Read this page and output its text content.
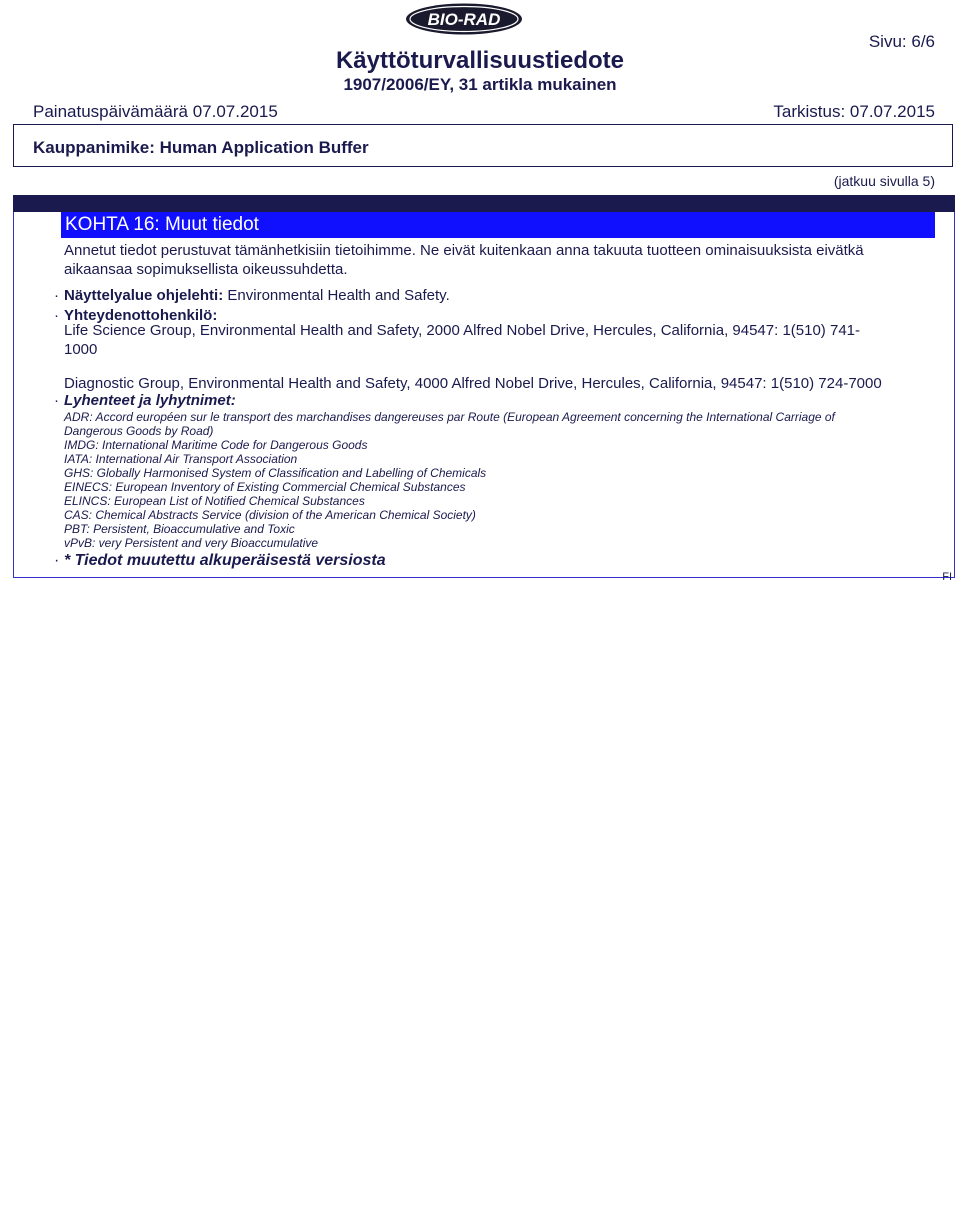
BIO-RAD
Sivu: 6/6
Käyttöturvallisuustiedote
1907/2006/EY, 31 artikla mukainen
Painatuspäivämäärä 07.07.2015	Tarkistus: 07.07.2015
Kauppanimike: Human Application Buffer
(jatkuu sivulla 5)
KOHTA 16: Muut tiedot
Annetut tiedot perustuvat tämänhetkisiin tietoihimme. Ne eivät kuitenkaan anna takuuta tuotteen ominaisuuksista eivätkä
aikaansaa sopimuksellista oikeussuhdetta.
· Näyttelyalue ohjelehti: Environmental Health and Safety.
· Yhteydenottohenkilö:
Life Science Group, Environmental Health and Safety, 2000 Alfred Nobel Drive, Hercules, California, 94547: 1(510) 741-
1000
Diagnostic Group, Environmental Health and Safety, 4000 Alfred Nobel Drive, Hercules, California, 94547: 1(510) 724-7000
· Lyhenteet ja lyhytnimet:
ADR: Accord européen sur le transport des marchandises dangereuses par Route (European Agreement concerning the International Carriage of
Dangerous Goods by Road)
IMDG: International Maritime Code for Dangerous Goods
IATA: International Air Transport Association
GHS: Globally Harmonised System of Classification and Labelling of Chemicals
EINECS: European Inventory of Existing Commercial Chemical Substances
ELINCS: European List of Notified Chemical Substances
CAS: Chemical Abstracts Service (division of the American Chemical Society)
PBT: Persistent, Bioaccumulative and Toxic
vPvB: very Persistent and very Bioaccumulative
· * Tiedot muutettu alkuperäisestä versiosta
FI
